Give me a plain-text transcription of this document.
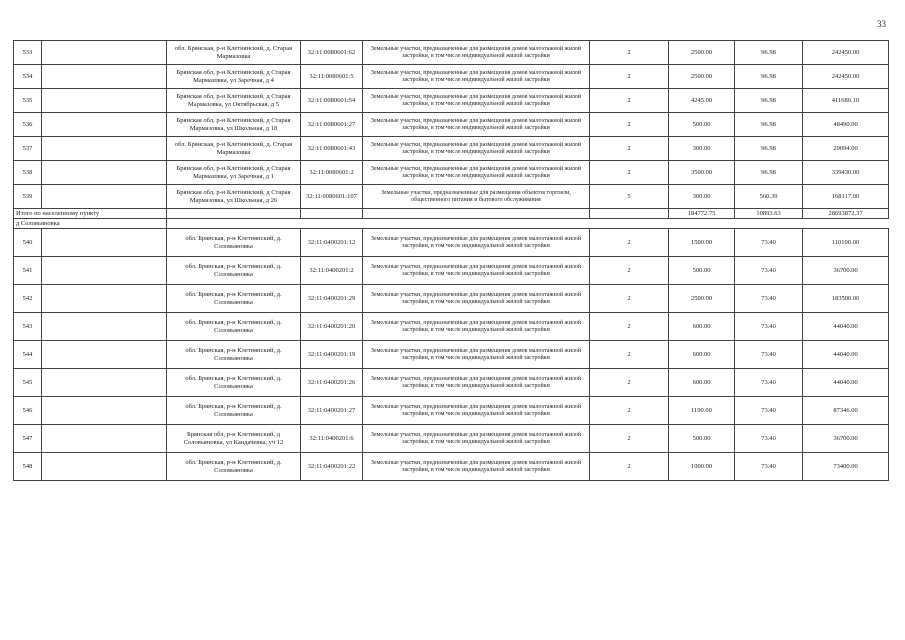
33
533		обл. Брянская, р-н Клетнянский, д. Старая Мармазовка	32:11:0080601:62	Земельные участки, предназначенные для размещения домов малоэтажной жилой застройки, в том числе индивидуальной жилой застройки	2	2500.00	96.98	242450.00
534		Брянская обл, р-н Клетнянский, д Старая Мармазовка, ул Заречная, д 4	32:11:0080601:5	Земельные участки, предназначенные для размещения домов малоэтажной жилой застройки, в том числе индивидуальной жилой застройки	2	2500.00	96.98	242450.00
535		Брянская обл, р-н Клетнянский, д Старая Мармазовка, ул Октябрьская, д 5	32:11:0080601:54	Земельные участки, предназначенные для размещения домов малоэтажной жилой застройки, в том числе индивидуальной жилой застройки	2	4245.00	96.98	411680.10
536		Брянская обл, р-н Клетнянский, д Старая Мармазовка, ул Школьная, д 18	32:11:0080601:27	Земельные участки, предназначенные для размещения домов малоэтажной жилой застройки, в том числе индивидуальной жилой застройки	2	500.00	96.98	48490.00
537		обл. Брянская, р-н Клетнянский, д. Старая Мармазовка	32:11:0080601:43	Земельные участки, предназначенные для размещения домов малоэтажной жилой застройки, в том числе индивидуальной жилой застройки	2	300.00	96.98	29094.00
538		Брянская обл, р-н Клетнянский, д Старая Мармазовка, ул Заречная, д 1	32:11:0080601:2	Земельные участки, предназначенные для размещения домов малоэтажной жилой застройки, в том числе индивидуальной жилой застройки	2	3500.00	96.98	339430.00
539		Брянская обл, р-н Клетнянский, д Старая Мармазовка, ул Школьная, д 26	32:11:0080601:107	Земельные участки, предназначенные для размещения объектов торговли, общественного питания и бытового обслуживания	5	300.00	560.39	168117.00
Итого по населенному пункту						184772.75	10893.63	28693872.37
д Соловьяновка								
540		обл. Брянская, р-н Клетнянский, д. Соловьяновка	32:11:0400201:12	Земельные участки, предназначенные для размещения домов малоэтажной жилой застройки, в том числе индивидуальной жилой застройки	2	1500.00	73.40	110100.00
541		обл. Брянская, р-н Клетнянский, д. Соловьяновка	32:11:0400201:2	Земельные участки, предназначенные для размещения домов малоэтажной жилой застройки, в том числе индивидуальной жилой застройки	2	500.00	73.40	36700.00
542		обл. Брянская, р-н Клетнянский, д. Соловьяновка	32:11:0400201:29	Земельные участки, предназначенные для размещения домов малоэтажной жилой застройки, в том числе индивидуальной жилой застройки	2	2500.00	73.40	183500.00
543		обл. Брянская, р-н Клетнянский, д. Соловьяновка	32:11:0400201:20	Земельные участки, предназначенные для размещения домов малоэтажной жилой застройки, в том числе индивидуальной жилой застройки	2	600.00	73.40	44040.00
544		обл. Брянская, р-н Клетнянский, д. Соловьяновка	32:11:0400201:19	Земельные участки, предназначенные для размещения домов малоэтажной жилой застройки, в том числе индивидуальной жилой застройки	2	600.00	73.40	44040.00
545		обл. Брянская, р-н Клетнянский, д. Соловьяновка	32:11:0400201:26	Земельные участки, предназначенные для размещения домов малоэтажной жилой застройки, в том числе индивидуальной жилой застройки	2	600.00	73.40	44040.00
546		обл. Брянская, р-н Клетнянский, д. Соловьяновка	32:11:0400201:27	Земельные участки, предназначенные для размещения домов малоэтажной жилой застройки, в том числе индивидуальной жилой застройки	2	1190.00	73.40	87346.00
547		Брянская обл, р-н Клетнянский, д Соловьяновка, ул Кандачевка, уч 12	32:11:0400201:6	Земельные участки, предназначенные для размещения домов малоэтажной жилой застройки, в том числе индивидуальной жилой застройки	2	500.00	73.40	36700.00
548		обл. Брянская, р-н Клетнянский, д. Соловьяновка	32:11:0400201:22	Земельные участки, предназначенные для размещения домов малоэтажной жилой застройки, в том числе индивидуальной жилой застройки	2	1000.00	73.40	73400.00
